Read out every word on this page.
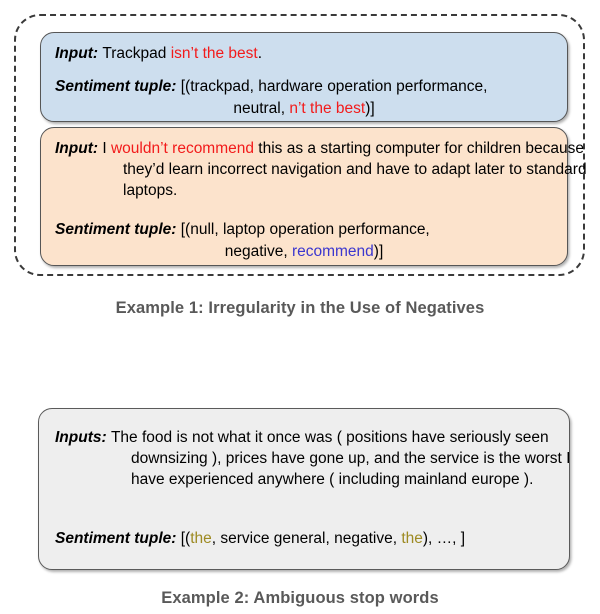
Input: Trackpad isn’t the best.
Sentiment tuple: [(trackpad, hardware operation performance,
neutral, n’t the best)]
Input: I wouldn’t recommend this as a starting computer for children because they’d learn incorrect navigation and have to adapt later to standard laptops.
Sentiment tuple: [(null, laptop operation performance,
negative, recommend)]
Example 1: Irregularity in the Use of Negatives
Inputs: The food is not what it once was ( positions have seriously seen downsizing ), prices have gone up, and the service is the worst I have experienced anywhere ( including mainland europe ).
Sentiment tuple: [(the, service general, negative, the), …, ]
Example 2: Ambiguous stop words
